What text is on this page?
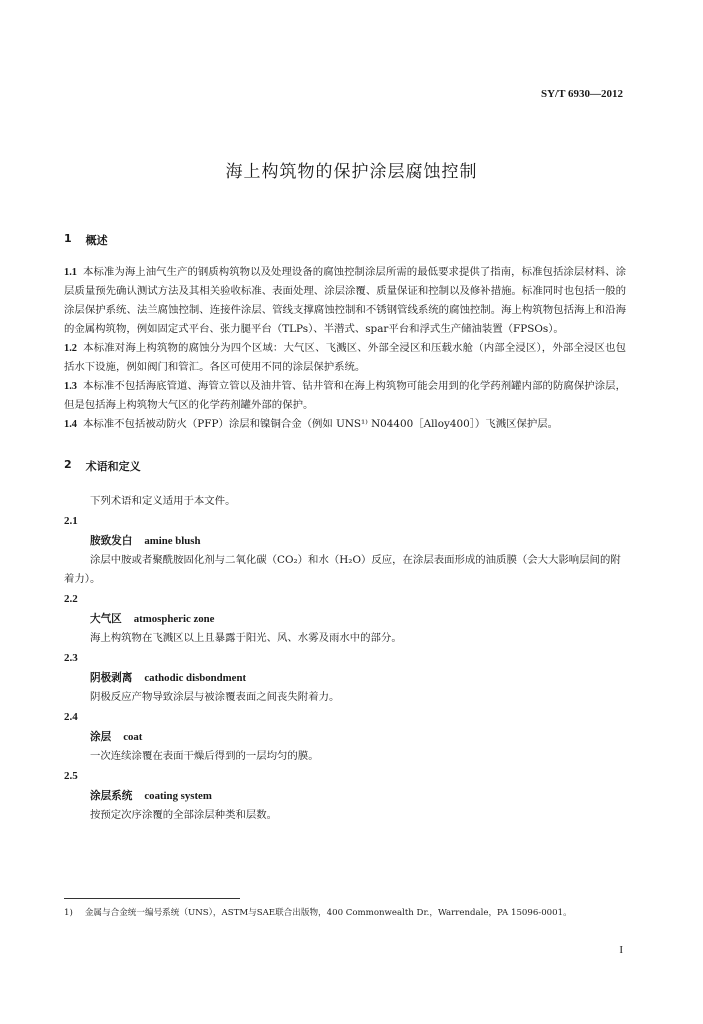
SY/T 6930—2012
海上构筑物的保护涂层腐蚀控制
1 概述

1.1 本标准为海上油气生产的钢质构筑物以及处理设备的腐蚀控制涂层所需的最低要求提供了指南，标准包括涂层材料、涂层质量预先确认测试方法及其相关验收标准、表面处理、涂层涂覆、质量保证和控制以及修补措施。标准同时也包括一般的涂层保护系统、法兰腐蚀控制、连接件涂层、管线支撑腐蚀控制和不锈钢管线系统的腐蚀控制。海上构筑物包括海上和沿海的金属构筑物，例如固定式平台、张力腿平台（TLPs）、半潜式、spar平台和浮式生产储油装置（FPSOs）。

1.2 本标准对海上构筑物的腐蚀分为四个区域：大气区、飞溅区、外部全浸区和压载水舱（内部全浸区），外部全浸区也包括水下设施，例如阀门和管汇。各区可使用不同的涂层保护系统。

1.3 本标准不包括海底管道、海管立管以及油井管、钻井管和在海上构筑物可能会用到的化学药剂罐内部的防腐保护涂层，但是包括海上构筑物大气区的化学药剂罐外部的保护。

1.4 本标准不包括被动防火（PFP）涂层和镍铜合金（例如 UNS¹⁾ N04400［Alloy400］）飞溅区保护层。

2 术语和定义
下列术语和定义适用于本文件。
2.1
胺致发白 amine blush
涂层中胺或者聚酰胺固化剂与二氧化碳（CO₂）和水（H₂O）反应，在涂层表面形成的油质膜（会大大影响层间的附着力）。
2.2
大气区 atmospheric zone
海上构筑物在飞溅区以上且暴露于阳光、风、水雾及雨水中的部分。
2.3
阴极剥离 cathodic disbondment
阴极反应产物导致涂层与被涂覆表面之间丧失附着力。
2.4
涂层 coat
一次连续涂覆在表面干燥后得到的一层均匀的膜。
2.5
涂层系统 coating system
按预定次序涂覆的全部涂层种类和层数。
1) 金属与合金统一编号系统（UNS），ASTM与SAE联合出版物，400 Commonwealth Dr.，Warrendale，PA 15096-0001。
I
